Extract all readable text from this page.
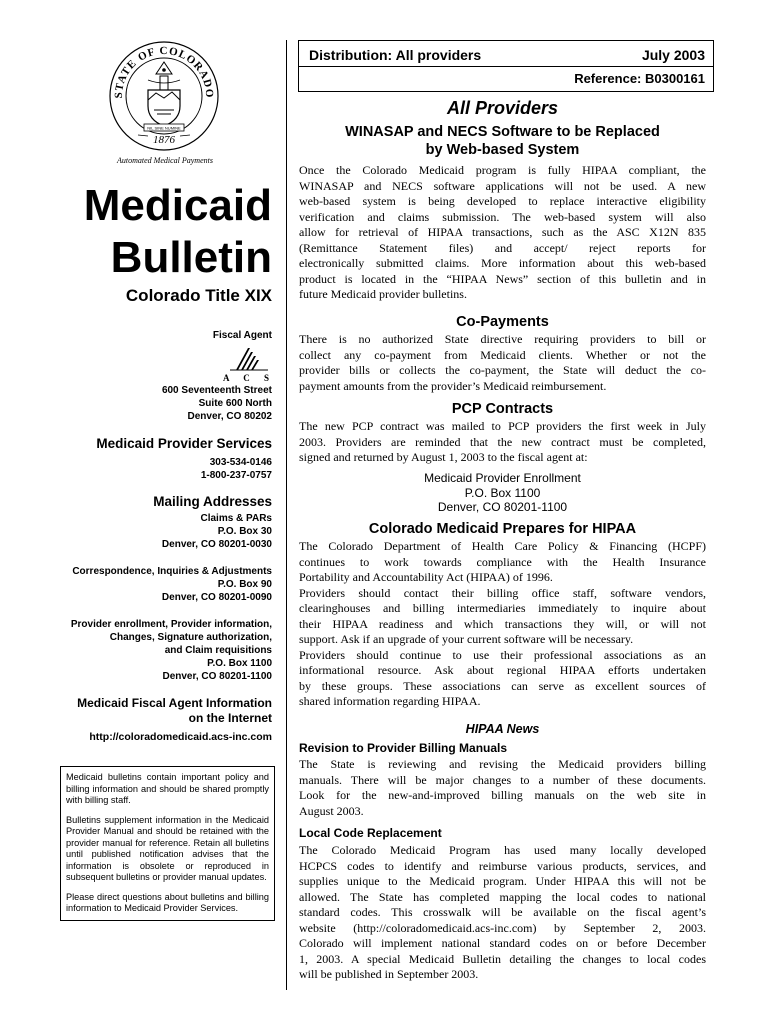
STATE OF COLORADO
NIL SINE NUMINE
1876
Automated Medical Payments
Medicaid
Bulletin
Colorado Title XIX
Fiscal Agent
A C S
600 Seventeenth Street
Suite 600 North
Denver, CO 80202
Medicaid Provider Services
303-534-0146
1-800-237-0757
Mailing Addresses
Claims & PARs
P.O. Box 30
Denver, CO 80201-0030
Correspondence, Inquiries & Adjustments
P.O. Box 90
Denver, CO 80201-0090
Provider enrollment, Provider information,
Changes, Signature authorization,
and Claim requisitions
P.O. Box 1100
Denver, CO 80201-1100
Medicaid Fiscal Agent Information
on the Internet
http://coloradomedicaid.acs-inc.com

Medicaid bulletins contain important policy and billing information and should be shared promptly with billing staff.

Bulletins supplement information in the Medicaid Provider Manual and should be retained with the provider manual for reference. Retain all bulletins until published notification advises that the information is obsolete or reproduced in subsequent bulletins or provider manual updates.

Please direct questions about bulletins and billing information to Medicaid Provider Services.

Distribution: All providers	July 2003
Reference: B0300161
All Providers
WINASAP and NECS Software to be Replaced
by Web-based System
Once the Colorado Medicaid program is fully HIPAA compliant, the
WINASAP and NECS software applications will not be used. A new
web-based system is being developed to replace interactive eligibility
verification and claims submission. The web-based system will also
allow for retrieval of HIPAA transactions, such as the ASC X12N 835
(Remittance Statement files) and accept/ reject reports for
electronically submitted claims. More information about this web-based
product is located in the “HIPAA News” section of this bulletin and in
future Medicaid provider bulletins.
Co-Payments
There is no authorized State directive requiring providers to bill or
collect any co-payment from Medicaid clients. Whether or not the
provider bills or collects the co-payment, the State will deduct the co-
payment amounts from the provider’s Medicaid reimbursement.
PCP Contracts
The new PCP contract was mailed to PCP providers the first week in July
2003. Providers are reminded that the new contract must be completed,
signed and returned by August 1, 2003 to the fiscal agent at:
Medicaid Provider Enrollment
P.O. Box 1100
Denver, CO 80201-1100
Colorado Medicaid Prepares for HIPAA
The Colorado Department of Health Care Policy & Financing (HCPF)
continues to work towards compliance with the Health Insurance
Portability and Accountability Act (HIPAA) of 1996.
Providers should contact their billing office staff, software vendors,
clearinghouses and billing intermediaries immediately to inquire about
their HIPAA readiness and which transactions they will, or will not
support. Ask if an upgrade of your current software will be necessary.
Providers should continue to use their professional associations as an
informational resource. Ask about regional HIPAA efforts undertaken
by these groups. These associations can serve as excellent sources of
shared information regarding HIPAA.
HIPAA News
Revision to Provider Billing Manuals
The State is reviewing and revising the Medicaid providers billing
manuals. There will be major changes to a number of these documents.
Look for the new-and-improved billing manuals on the web site in
August 2003.
Local Code Replacement
The Colorado Medicaid Program has used many locally developed
HCPCS codes to identify and reimburse various products, services, and
supplies unique to the Medicaid program. Under HIPAA this will not be
allowed. The State has completed mapping the local codes to national
standard codes. This crosswalk will be available on the fiscal agent’s
website (http://coloradomedicaid.acs-inc.com) by September 2, 2003.
Colorado will implement national standard codes on or before December
1, 2003. A special Medicaid Bulletin detailing the changes to local codes
will be published in September 2003.
